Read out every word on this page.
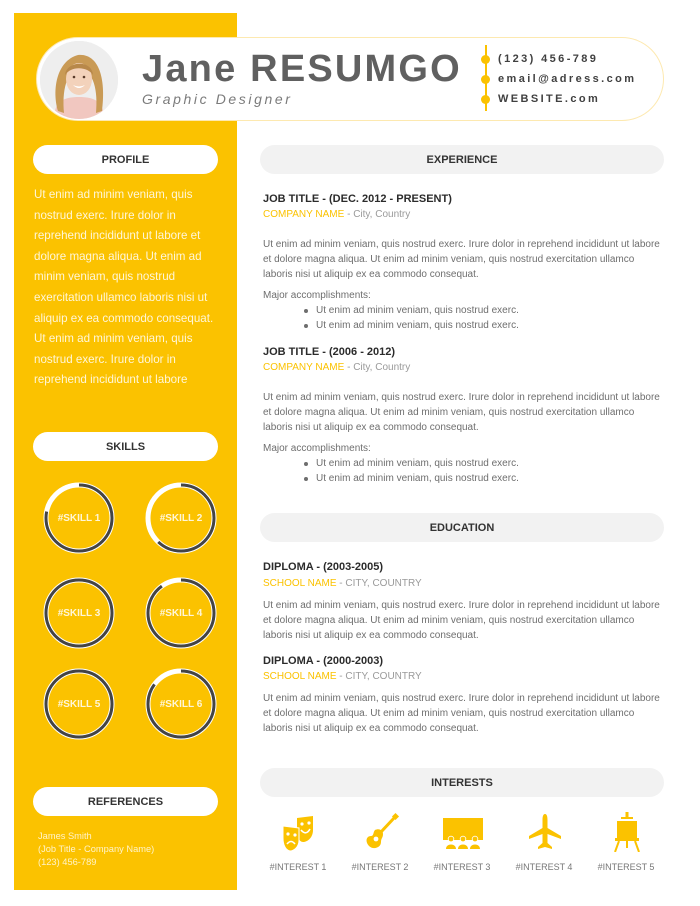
Jane RESUMGO
Graphic Designer
(123) 456-789
email@adress.com
WEBSITE.com
PROFILE
Ut enim ad minim veniam, quis nostrud exerc. Irure dolor in reprehend incididunt ut labore et dolore magna aliqua. Ut enim ad minim veniam, quis nostrud exercitation ullamco laboris nisi ut aliquip ex ea commodo consequat. Ut enim ad minim veniam, quis nostrud exerc. Irure dolor in reprehend incididunt ut labore
SKILLS
#SKILL 1	#SKILL 2
#SKILL 3	#SKILL 4
#SKILL 5	#SKILL 6
REFERENCES
James Smith
(Job Title - Company Name)
(123) 456-789
EXPERIENCE
JOB TITLE - (DEC. 2012 - PRESENT)
COMPANY NAME - City, Country
Ut enim ad minim veniam, quis nostrud exerc. Irure dolor in reprehend incididunt ut labore et dolore magna aliqua. Ut enim ad minim veniam, quis nostrud exercitation ullamco laboris nisi ut aliquip ex ea commodo consequat.
Major accomplishments:
Ut enim ad minim veniam, quis nostrud exerc.
Ut enim ad minim veniam, quis nostrud exerc.
JOB TITLE - (2006 - 2012)
COMPANY NAME - City, Country
Ut enim ad minim veniam, quis nostrud exerc. Irure dolor in reprehend incididunt ut labore et dolore magna aliqua. Ut enim ad minim veniam, quis nostrud exercitation ullamco laboris nisi ut aliquip ex ea commodo consequat.
Major accomplishments:
Ut enim ad minim veniam, quis nostrud exerc.
Ut enim ad minim veniam, quis nostrud exerc.
EDUCATION
DIPLOMA - (2003-2005)
SCHOOL NAME - CITY, COUNTRY
Ut enim ad minim veniam, quis nostrud exerc. Irure dolor in reprehend incididunt ut labore et dolore magna aliqua. Ut enim ad minim veniam, quis nostrud exercitation ullamco laboris nisi ut aliquip ex ea commodo consequat.
DIPLOMA - (2000-2003)
SCHOOL NAME - CITY, COUNTRY
Ut enim ad minim veniam, quis nostrud exerc. Irure dolor in reprehend incididunt ut labore et dolore magna aliqua. Ut enim ad minim veniam, quis nostrud exercitation ullamco laboris nisi ut aliquip ex ea commodo consequat.
INTERESTS
#INTEREST 1	#INTEREST 2	#INTEREST 3	#INTEREST 4	#INTEREST 5
